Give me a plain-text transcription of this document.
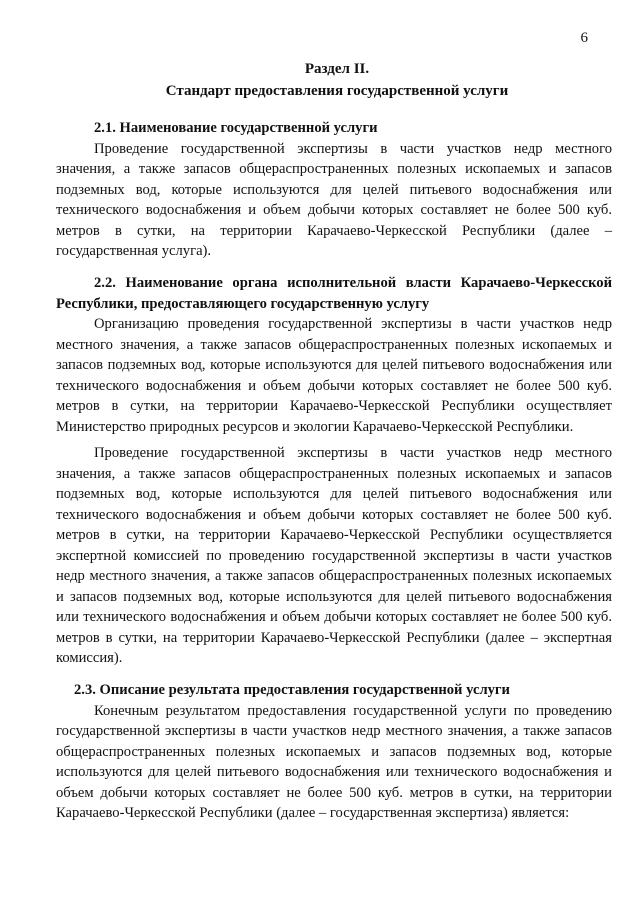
6
Раздел II.
Стандарт предоставления государственной услуги
2.1. Наименование государственной услуги
Проведение государственной экспертизы в части участков недр местного значения, а также запасов общераспространенных полезных ископаемых и запасов подземных вод, которые используются для целей питьевого водоснабжения или технического водоснабжения и объем добычи которых составляет не более 500 куб. метров в сутки, на территории Карачаево-Черкесской Республики (далее – государственная услуга).
2.2. Наименование органа исполнительной власти Карачаево-Черкесской Республики, предоставляющего государственную услугу
Организацию проведения государственной экспертизы в части участков недр местного значения, а также запасов общераспространенных полезных ископаемых и запасов подземных вод, которые используются для целей питьевого водоснабжения или технического водоснабжения и объем добычи которых составляет не более 500 куб. метров в сутки, на территории Карачаево-Черкесской Республики осуществляет Министерство природных ресурсов и экологии Карачаево-Черкесской Республики.
Проведение государственной экспертизы в части участков недр местного значения, а также запасов общераспространенных полезных ископаемых и запасов подземных вод, которые используются для целей питьевого водоснабжения или технического водоснабжения и объем добычи которых составляет не более 500 куб. метров в сутки, на территории Карачаево-Черкесской Республики осуществляется экспертной комиссией по проведению государственной экспертизы в части участков недр местного значения, а также запасов общераспространенных полезных ископаемых и запасов подземных вод, которые используются для целей питьевого водоснабжения или технического водоснабжения и объем добычи которых составляет не более 500 куб. метров в сутки, на территории Карачаево-Черкесской Республики (далее – экспертная комиссия).
2.3. Описание результата предоставления государственной услуги
Конечным результатом предоставления государственной услуги по проведению государственной экспертизы в части участков недр местного значения, а также запасов общераспространенных полезных ископаемых и запасов подземных вод, которые используются для целей питьевого водоснабжения или технического водоснабжения и объем добычи которых составляет не более 500 куб. метров в сутки, на территории Карачаево-Черкесской Республики (далее – государственная экспертиза) является:
